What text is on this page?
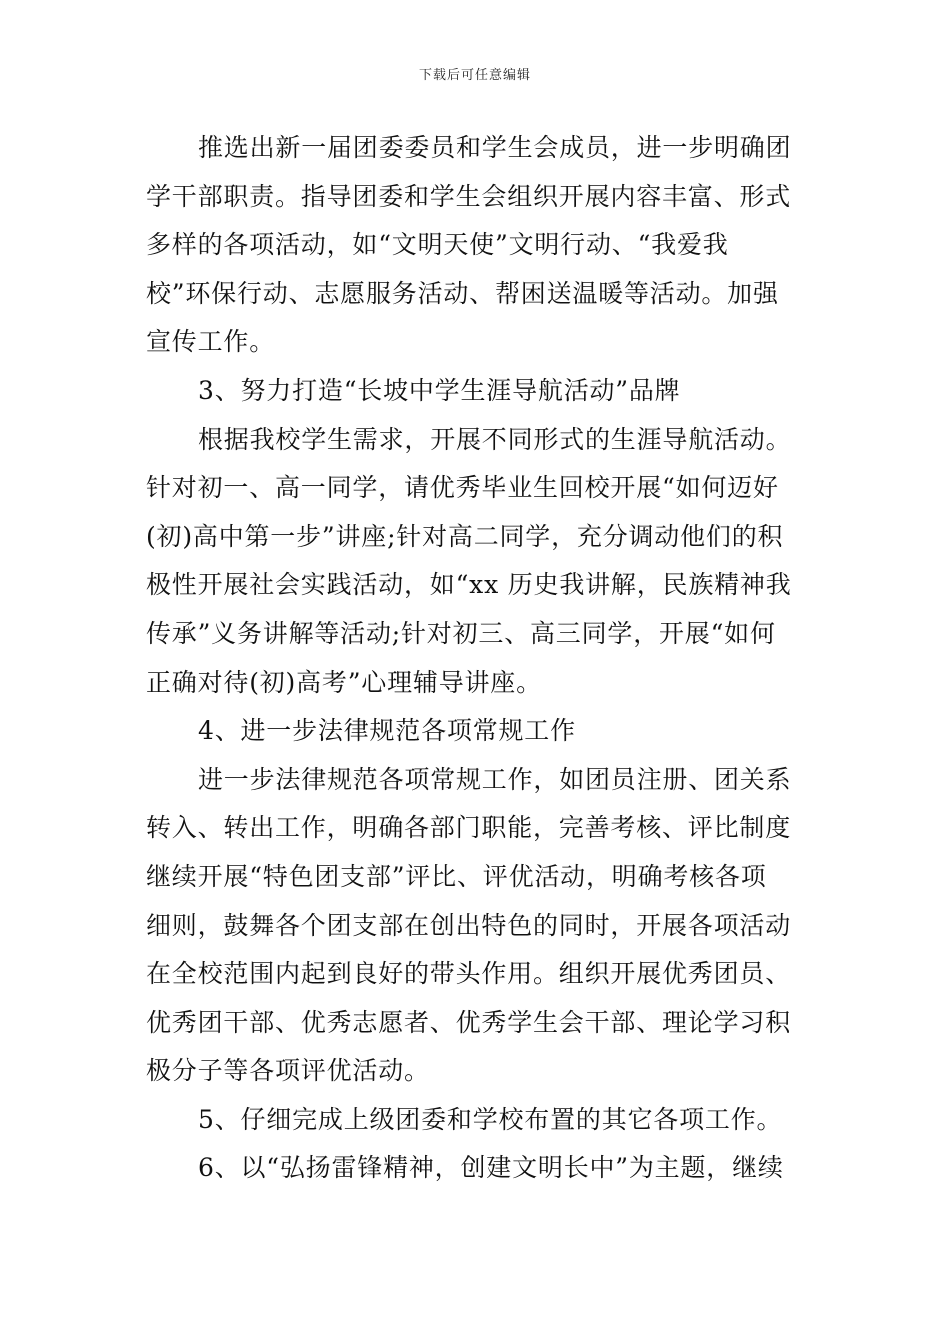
下载后可任意编辑
推选出新一届团委委员和学生会成员，进一步明确团
学干部职责。指导团委和学生会组织开展内容丰富、形式
多样的各项活动，如“文明天使”文明行动、“我爱我
校”环保行动、志愿服务活动、帮困送温暖等活动。加强
宣传工作。
3、努力打造“长坡中学生涯导航活动”品牌
根据我校学生需求，开展不同形式的生涯导航活动。
针对初一、高一同学，请优秀毕业生回校开展“如何迈好
(初)高中第一步”讲座;针对高二同学，充分调动他们的积
极性开展社会实践活动，如“xx 历史我讲解，民族精神我
传承”义务讲解等活动;针对初三、高三同学，开展“如何
正确对待(初)高考”心理辅导讲座。
4、进一步法律规范各项常规工作
进一步法律规范各项常规工作，如团员注册、团关系
转入、转出工作，明确各部门职能，完善考核、评比制度
继续开展“特色团支部”评比、评优活动，明确考核各项
细则，鼓舞各个团支部在创出特色的同时，开展各项活动
在全校范围内起到良好的带头作用。组织开展优秀团员、
优秀团干部、优秀志愿者、优秀学生会干部、理论学习积
极分子等各项评优活动。
5、仔细完成上级团委和学校布置的其它各项工作。
6、以“弘扬雷锋精神，创建文明长中”为主题，继续
